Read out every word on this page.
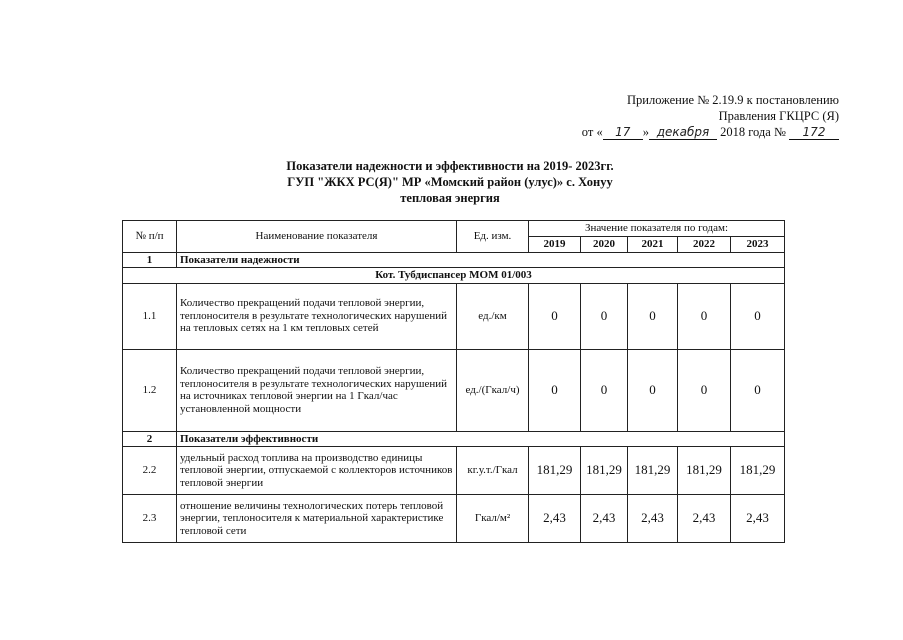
Приложение № 2.19.9 к постановлению
Правления ГКЦРС (Я)
от « 17 » декабря 2018 года № 172
Показатели надежности и эффективности на 2019- 2023гг.
ГУП "ЖКХ РС(Я)" МР «Момский район (улус)» с. Хонуу
тепловая энергия
№ п/п	Наименование показателя	Ед. изм.	Значение показателя по годам:				
			2019	2020	2021	2022	2023
1	Показатели надежности						
Кот. Тубдиспансер МОМ 01/003							
1.1	Количество прекращений подачи тепловой энергии, теплоносителя в результате технологических нарушений на тепловых сетях на 1 км тепловых сетей	ед./км	0	0	0	0	0
1.2	Количество прекращений подачи тепловой энергии, теплоносителя в результате технологических нарушений на источниках тепловой энергии на 1 Гкал/час установленной мощности	ед./(Гкал/ч)	0	0	0	0	0
2	Показатели эффективности						
2.2	удельный расход топлива на производство единицы тепловой энергии, отпускаемой с коллекторов источников тепловой энергии	кг.у.т./Гкал	181,29	181,29	181,29	181,29	181,29
2.3	отношение величины технологических потерь тепловой энергии, теплоносителя к материальной характеристике тепловой сети	Гкал/м²	2,43	2,43	2,43	2,43	2,43
